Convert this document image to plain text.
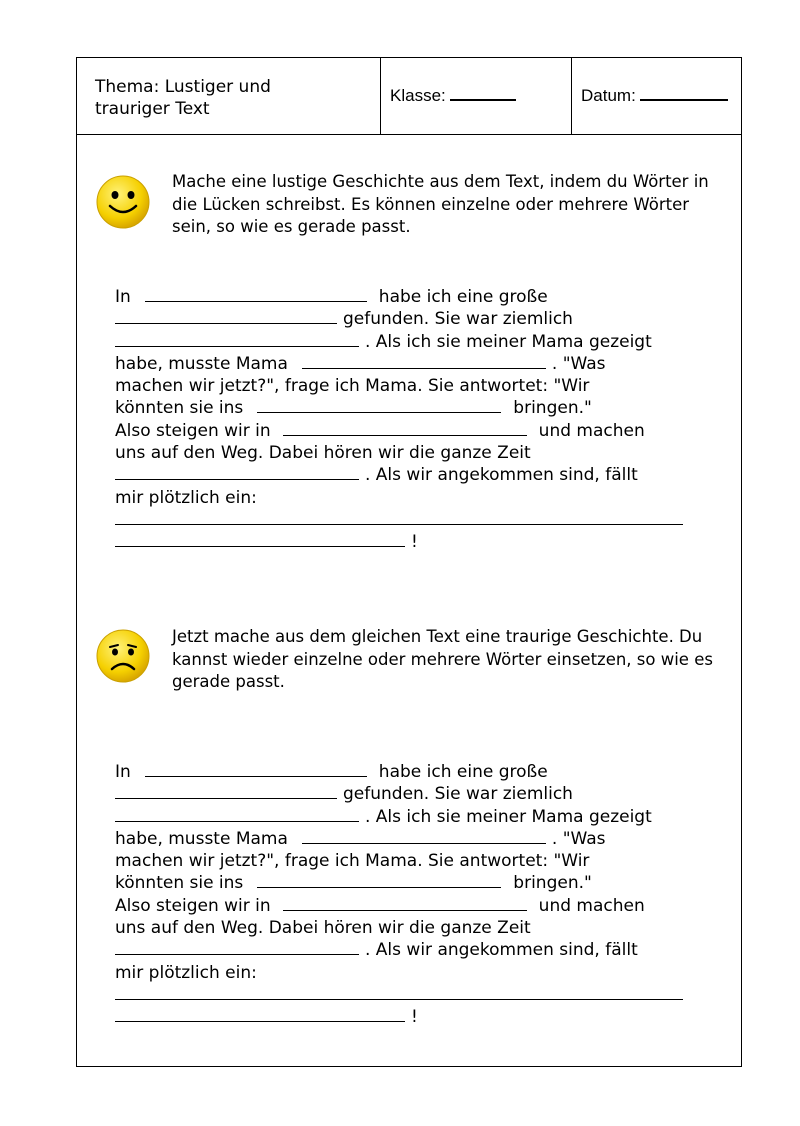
Thema: Lustiger und trauriger Text
Klasse:	Datum:
Mache eine lustige Geschichte aus dem Text, indem du Wörter in die Lücken schreibst. Es können einzelne oder mehrere Wörter sein, so wie es gerade passt.
In	habe ich eine große
gefunden. Sie war ziemlich
. Als ich sie meiner Mama gezeigt
habe, musste Mama	. "Was
machen wir jetzt?", frage ich Mama. Sie antwortet: "Wir
könnten sie ins	bringen."
Also steigen wir in	und machen
uns auf den Weg. Dabei hören wir die ganze Zeit
. Als wir angekommen sind, fällt
mir plötzlich ein:
!
Jetzt mache aus dem gleichen Text eine traurige Geschichte. Du kannst wieder einzelne oder mehrere Wörter einsetzen, so wie es gerade passt.
In	habe ich eine große
gefunden. Sie war ziemlich
. Als ich sie meiner Mama gezeigt
habe, musste Mama	. "Was
machen wir jetzt?", frage ich Mama. Sie antwortet: "Wir
könnten sie ins	bringen."
Also steigen wir in	und machen
uns auf den Weg. Dabei hören wir die ganze Zeit
. Als wir angekommen sind, fällt
mir plötzlich ein:
!
